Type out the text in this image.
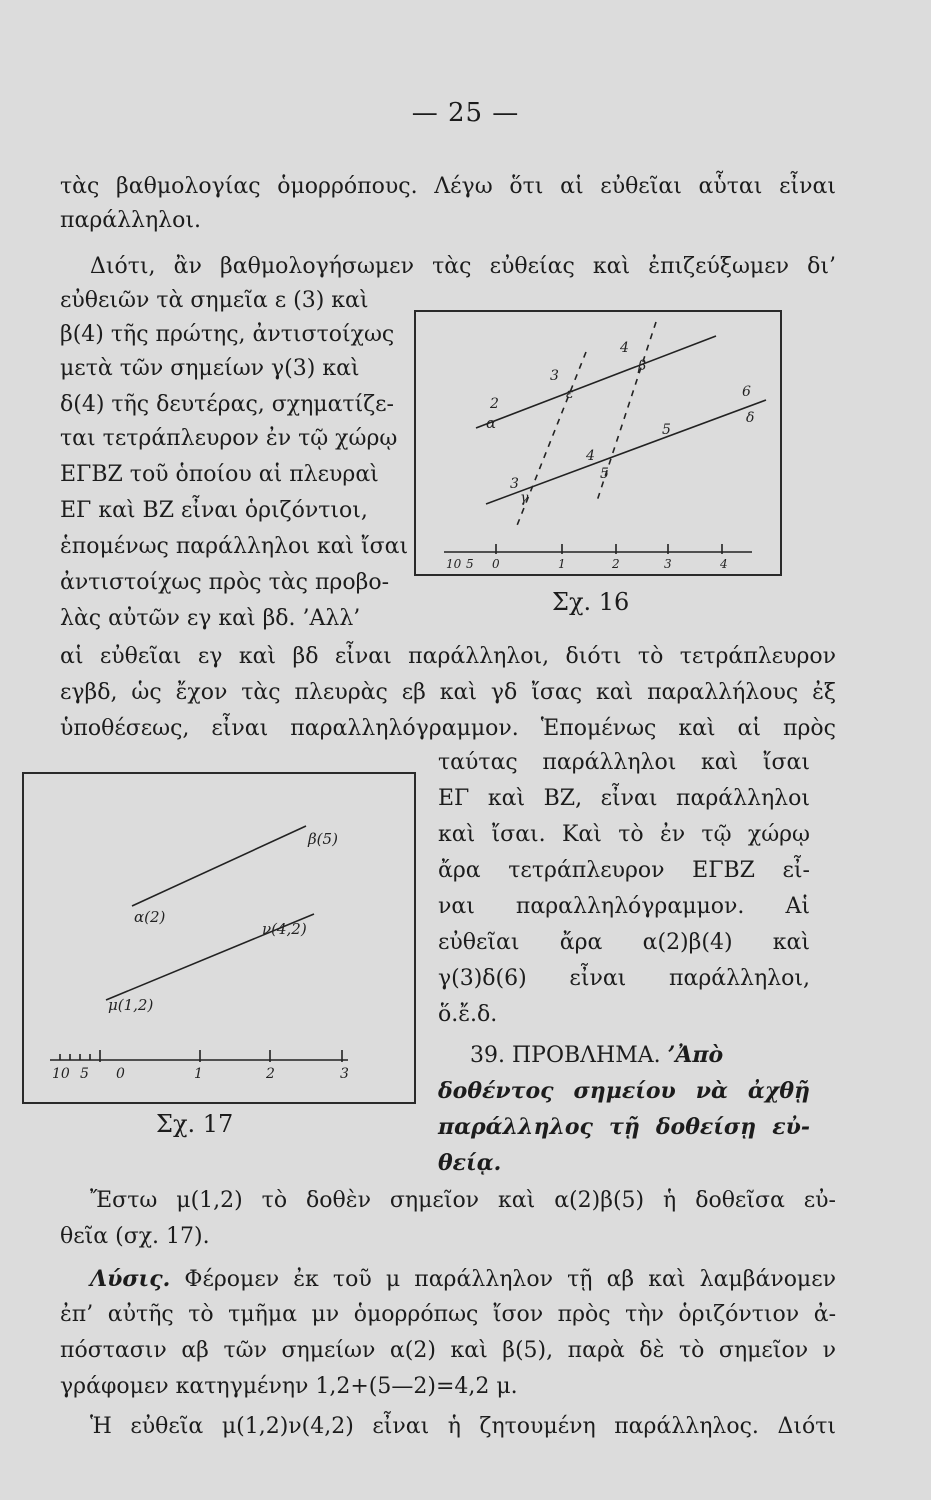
— 25 —
τὰς βαθμολογίας ὁμορρόπους. Λέγω ὅτι αἱ εὐθεῖαι αὗται εἶναι
παράλληλοι.
Διότι, ἂν βαθμολογήσωμεν τὰς εὐθείας καὶ ἐπιζεύξωμεν δι’
εὐθειῶν τὰ σημεῖα ε (3) καὶ
β(4) τῆς πρώτης, ἀντιστοίχως
μετὰ τῶν σημείων γ(3) καὶ
δ(4) τῆς δευτέρας, σχηματίζε-
ται τετράπλευρον ἐν τῷ χώρῳ
ΕΓΒΖ τοῦ ὁποίου αἱ πλευραὶ
ΕΓ καὶ ΒΖ εἶναι ὁριζόντιοι,
ἑπομένως παράλληλοι καὶ ἴσαι
ἀντιστοίχως πρὸς τὰς προβο-
λὰς αὐτῶν εγ καὶ βδ. ’Αλλ’
2
α
3
ε
4
β
6
δ
5
3
γ
4
5
10 5 0	1	2	3	4
Σχ. 16
αἱ εὐθεῖαι εγ καὶ βδ εἶναι παράλληλοι, διότι τὸ τετράπλευρον
εγβδ, ὡς ἔχον τὰς πλευρὰς εβ καὶ γδ ἴσας καὶ παραλλήλους ἐξ
ὑποθέσεως, εἶναι παραλληλόγραμμον. Ἑπομένως καὶ αἱ πρὸς
β(5)
α(2)
ν(4,2)
μ(1,2)
10 5 0	1	2	3
Σχ. 17
ταύτας παράλληλοι καὶ ἴσαι
ΕΓ καὶ ΒΖ, εἶναι παράλληλοι
καὶ ἴσαι. Καὶ τὸ ἐν τῷ χώρῳ
ἄρα τετράπλευρον ΕΓΒΖ εἶ-
ναι παραλληλόγραμμον. Αἱ
εὐθεῖαι ἄρα α(2)β(4) καὶ
γ(3)δ(6) εἶναι παράλληλοι,
ὅ.ἔ.δ.
39. ΠΡΟΒΛΗΜΑ. ’Ἀπὸ
δοθέντος σημείου νὰ ἀχθῇ
παράλληλος τῇ δοθείσῃ εὐ-
θείᾳ.
Ἔστω μ(1,2) τὸ δοθὲν σημεῖον καὶ α(2)β(5) ἡ δοθεῖσα εὐ-
θεῖα (σχ. 17).
Λύσις. Φέρομεν ἐκ τοῦ μ παράλληλον τῇ αβ καὶ λαμβάνομεν
ἐπ’ αὐτῆς τὸ τμῆμα μν ὁμορρόπως ἴσον πρὸς τὴν ὁριζόντιον ἀ-
πόστασιν αβ τῶν σημείων α(2) καὶ β(5), παρὰ δὲ τὸ σημεῖον ν
γράφομεν κατηγμένην 1,2+(5—2)=4,2 μ.
Ἡ εὐθεῖα μ(1,2)ν(4,2) εἶναι ἡ ζητουμένη παράλληλος. Διότι
